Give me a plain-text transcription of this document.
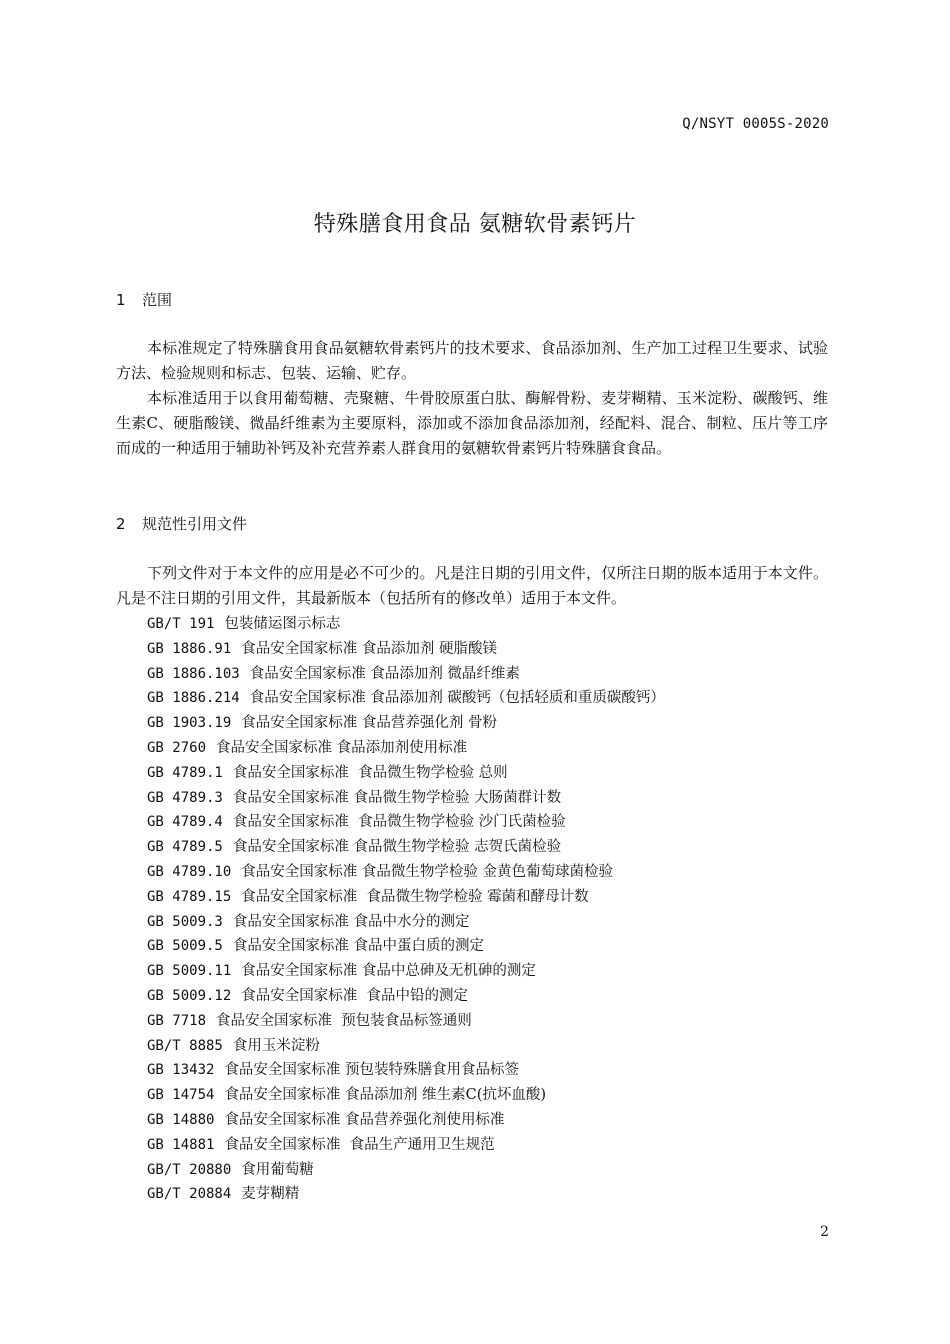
Q/NSYT 0005S-2020
特殊膳食用食品 氨糖软骨素钙片
1 范围

本标准规定了特殊膳食用食品氨糖软骨素钙片的技术要求、食品添加剂、生产加工过程卫生要求、试验方法、检验规则和标志、包装、运输、贮存。

本标准适用于以食用葡萄糖、壳聚糖、牛骨胶原蛋白肽、酶解骨粉、麦芽糊精、玉米淀粉、碳酸钙、维生素C、硬脂酸镁、微晶纤维素为主要原料，添加或不添加食品添加剂，经配料、混合、制粒、压片等工序而成的一种适用于辅助补钙及补充营养素人群食用的氨糖软骨素钙片特殊膳食食品。

2 规范性引用文件

下列文件对于本文件的应用是必不可少的。凡是注日期的引用文件，仅所注日期的版本适用于本文件。凡是不注日期的引用文件，其最新版本（包括所有的修改单）适用于本文件。

GB/T 191 包装储运图示标志
GB 1886.91 食品安全国家标准 食品添加剂 硬脂酸镁
GB 1886.103 食品安全国家标准 食品添加剂 微晶纤维素
GB 1886.214 食品安全国家标准 食品添加剂 碳酸钙（包括轻质和重质碳酸钙）
GB 1903.19 食品安全国家标准 食品营养强化剂 骨粉
GB 2760 食品安全国家标准 食品添加剂使用标准
GB 4789.1 食品安全国家标准  食品微生物学检验 总则
GB 4789.3 食品安全国家标准 食品微生物学检验 大肠菌群计数
GB 4789.4 食品安全国家标准  食品微生物学检验 沙门氏菌检验
GB 4789.5 食品安全国家标准 食品微生物学检验 志贺氏菌检验
GB 4789.10 食品安全国家标准 食品微生物学检验 金黄色葡萄球菌检验
GB 4789.15 食品安全国家标准  食品微生物学检验 霉菌和酵母计数
GB 5009.3 食品安全国家标准 食品中水分的测定
GB 5009.5 食品安全国家标准 食品中蛋白质的测定
GB 5009.11 食品安全国家标准 食品中总砷及无机砷的测定
GB 5009.12 食品安全国家标准  食品中铅的测定
GB 7718 食品安全国家标准  预包装食品标签通则
GB/T 8885 食用玉米淀粉
GB 13432 食品安全国家标准 预包装特殊膳食用食品标签
GB 14754 食品安全国家标准 食品添加剂 维生素C(抗坏血酸)
GB 14880 食品安全国家标准 食品营养强化剂使用标准
GB 14881 食品安全国家标准  食品生产通用卫生规范
GB/T 20880 食用葡萄糖
GB/T 20884 麦芽糊精
2
